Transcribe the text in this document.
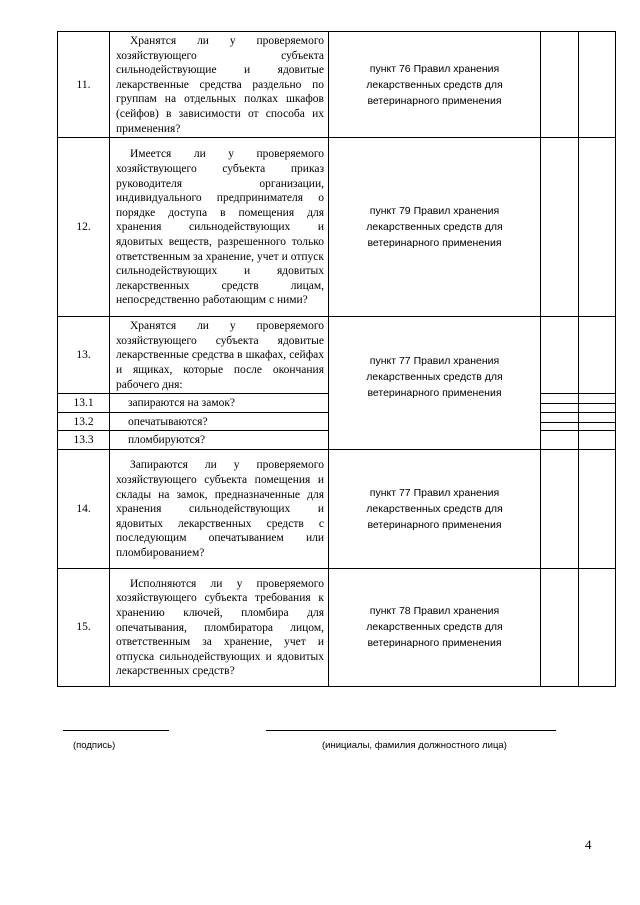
11.	Хранятся ли у проверяемого хозяйствующего субъекта сильнодействующие и ядовитые лекарственные средства раздельно по группам на отдельных полках шкафов (сейфов) в зависимости от способа их применения?	пункт 76 Правил хранения лекарственных средств для ветеринарного применения		
12.	Имеется ли у проверяемого хозяйствующего субъекта приказ руководителя организации, индивидуального предпринимателя о порядке доступа в помещения для хранения сильнодействующих и ядовитых веществ, разрешенного только ответственным за хранение, учет и отпуск сильнодействующих и ядовитых лекарственных средств лицам, непосредственно работающим с ними?	пункт 79 Правил хранения лекарственных средств для ветеринарного применения		
13.	Хранятся ли у проверяемого хозяйствующего субъекта ядовитые лекарственные средства в шкафах, сейфах и ящиках, которые после окончания рабочего дня:	пункт 77 Правил хранения лекарственных средств для ветеринарного применения		
13.1	запираются на замок?			

13.2	опечатываются?			

13.3	пломбируются?			

14.	Запираются ли у проверяемого хозяйствующего субъекта помещения и склады на замок, предназначенные для хранения сильнодействующих и ядовитых лекарственных средств с последующим опечатыванием или пломбированием?	пункт 77 Правил хранения лекарственных средств для ветеринарного применения		
15.	Исполняются ли у проверяемого хозяйствующего субъекта требования к хранению ключей, пломбира для опечатывания, пломбиратора лицом, ответственным за хранение, учет и отпуска сильнодействующих и ядовитых лекарственных средств?	пункт 78 Правил хранения лекарственных средств для ветеринарного применения		
(подпись)	(инициалы, фамилия должностного лица)
4
